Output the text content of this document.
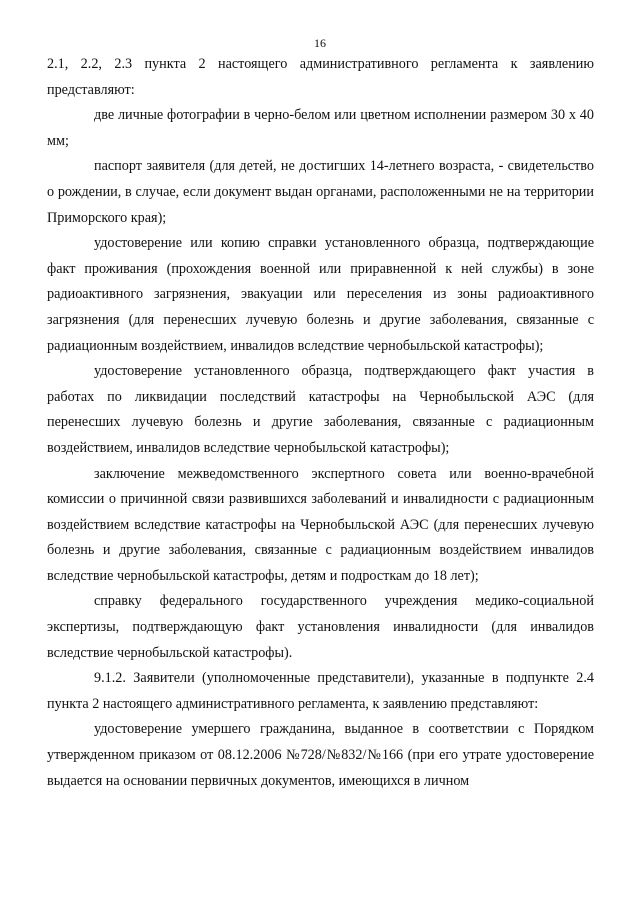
16

2.1, 2.2, 2.3 пункта 2 настоящего административного регламента к заявлению представляют:

две личные фотографии в черно-белом или цветном исполнении размером 30 х 40 мм;

паспорт заявителя (для детей, не достигших 14-летнего возраста, - свидетельство о рождении, в случае, если документ выдан органами, расположенными не на территории Приморского края);

удостоверение или копию справки установленного образца, подтверждающие факт проживания (прохождения военной или приравненной к ней службы) в зоне радиоактивного загрязнения, эвакуации или переселения из зоны радиоактивного загрязнения (для перенесших лучевую болезнь и другие заболевания, связанные с радиационным воздействием, инвалидов вследствие чернобыльской катастрофы);

удостоверение установленного образца, подтверждающего факт участия в работах по ликвидации последствий катастрофы на Чернобыльской АЭС (для перенесших лучевую болезнь и другие заболевания, связанные с радиационным воздействием, инвалидов вследствие чернобыльской катастрофы);

заключение межведомственного экспертного совета или военно-врачебной комиссии о причинной связи развившихся заболеваний и инвалидности с радиационным воздействием вследствие катастрофы на Чернобыльской АЭС (для перенесших лучевую болезнь и другие заболевания, связанные с радиационным воздействием инвалидов вследствие чернобыльской катастрофы, детям и подросткам до 18 лет);

справку федерального государственного учреждения медико-социальной экспертизы, подтверждающую факт установления инвалидности (для инвалидов вследствие чернобыльской катастрофы).

9.1.2. Заявители (уполномоченные представители), указанные в подпункте 2.4 пункта 2 настоящего административного регламента, к заявлению представляют:

удостоверение умершего гражданина, выданное в соответствии с Порядком утвержденном приказом от 08.12.2006 №728/№832/№166 (при его утрате удостоверение выдается на основании первичных документов, имеющихся в личном
